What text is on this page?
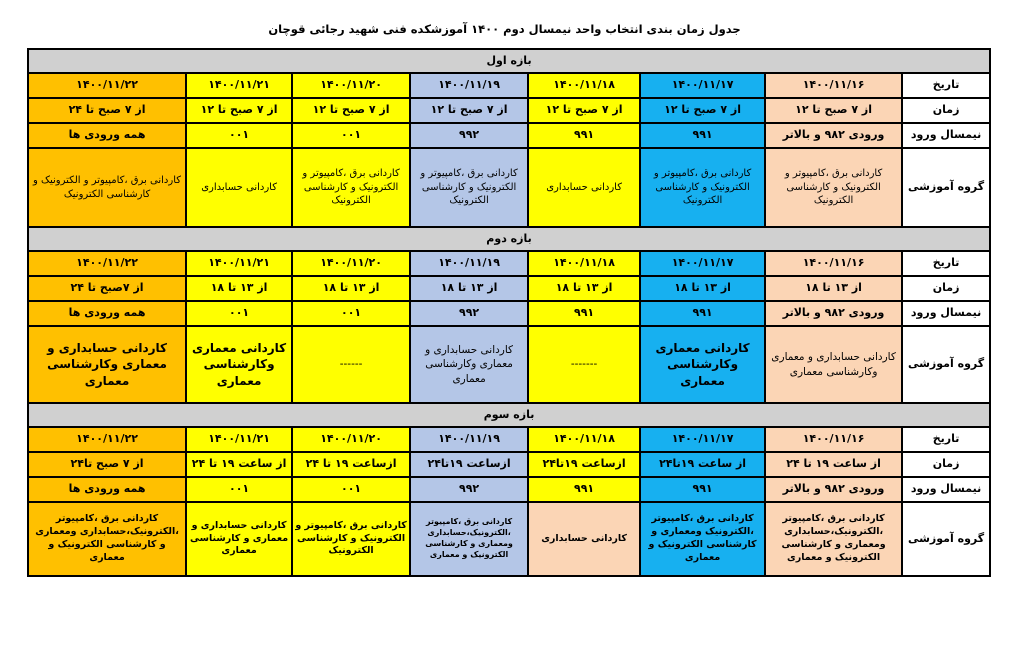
جدول زمان بندی انتخاب واحد نیمسال دوم ۱۴۰۰ آموزشکده فنی شهید رجائی قوچان
بازه اول							
تاریخ	۱۴۰۰/۱۱/۱۶	۱۴۰۰/۱۱/۱۷	۱۴۰۰/۱۱/۱۸	۱۴۰۰/۱۱/۱۹	۱۴۰۰/۱۱/۲۰	۱۴۰۰/۱۱/۲۱	۱۴۰۰/۱۱/۲۲
زمان	از ۷ صبح تا ۱۲	از ۷ صبح تا ۱۲	از ۷ صبح تا ۱۲	از ۷ صبح تا ۱۲	از ۷ صبح تا ۱۲	از ۷ صبح تا ۱۲	از ۷ صبح تا ۲۴
نیمسال ورود	ورودی ۹۸۲ و بالاتر	۹۹۱	۹۹۱	۹۹۲	۰۰۱	۰۰۱	همه ورودی ها
گروه آموزشی	کاردانی برق ،کامپیوتر و الکترونیک و کارشناسی الکترونیک	کاردانی برق ،کامپیوتر و الکترونیک و کارشناسی الکترونیک	کاردانی حسابداری	کاردانی برق ،کامپیوتر و الکترونیک و کارشناسی الکترونیک	کاردانی برق ،کامپیوتر و الکترونیک و کارشناسی الکترونیک	کاردانی حسابداری	کاردانی برق ،کامپیوتر و الکترونیک و کارشناسی الکترونیک
بازه دوم							
تاریخ	۱۴۰۰/۱۱/۱۶	۱۴۰۰/۱۱/۱۷	۱۴۰۰/۱۱/۱۸	۱۴۰۰/۱۱/۱۹	۱۴۰۰/۱۱/۲۰	۱۴۰۰/۱۱/۲۱	۱۴۰۰/۱۱/۲۲
زمان	از ۱۳ تا ۱۸	از ۱۳ تا ۱۸	از ۱۳ تا ۱۸	از ۱۳ تا ۱۸	از ۱۳ تا ۱۸	از ۱۳ تا ۱۸	از ۷صبح تا ۲۴
نیمسال ورود	ورودی ۹۸۲ و بالاتر	۹۹۱	۹۹۱	۹۹۲	۰۰۱	۰۰۱	همه ورودی ها
گروه آموزشی	کاردانی حسابداری و معماری وکارشناسی معماری	کاردانی معماری وکارشناسی معماری	-------	کاردانی حسابداری و معماری وکارشناسی معماری	------	کاردانی معماری وکارشناسی معماری	کاردانی حسابداری و معماری وکارشناسی معماری
بازه سوم							
تاریخ	۱۴۰۰/۱۱/۱۶	۱۴۰۰/۱۱/۱۷	۱۴۰۰/۱۱/۱۸	۱۴۰۰/۱۱/۱۹	۱۴۰۰/۱۱/۲۰	۱۴۰۰/۱۱/۲۱	۱۴۰۰/۱۱/۲۲
زمان	از ساعت ۱۹ تا ۲۴	از ساعت ۱۹تا۲۴	ازساعت ۱۹تا۲۴	ازساعت ۱۹تا۲۴	ازساعت ۱۹ تا ۲۴	از ساعت ۱۹ تا ۲۴	از ۷ صبح تا۲۴
نیمسال ورود	ورودی ۹۸۲ و بالاتر	۹۹۱	۹۹۱	۹۹۲	۰۰۱	۰۰۱	همه ورودی ها
گروه آموزشی	کاردانی برق ،کامپیوتر ،الکترونیک،حسابداری ومعماری و کارشناسی الکترونیک و معماری	کاردانی برق ،کامپیوتر ،الکترونیک ومعماری و کارشناسی الکترونیک و معماری	کاردانی حسابداری	کاردانی برق ،کامپیوتر ،الکترونیک،حسابداری ومعماری و کارشناسی الکترونیک و معماری	کاردانی برق ،کامپیوتر و الکترونیک و کارشناسی الکترونیک	کاردانی حسابداری و معماری و کارشناسی معماری	کاردانی برق ،کامپیوتر ،الکترونیک،حسابداری ومعماری و کارشناسی الکترونیک و معماری
